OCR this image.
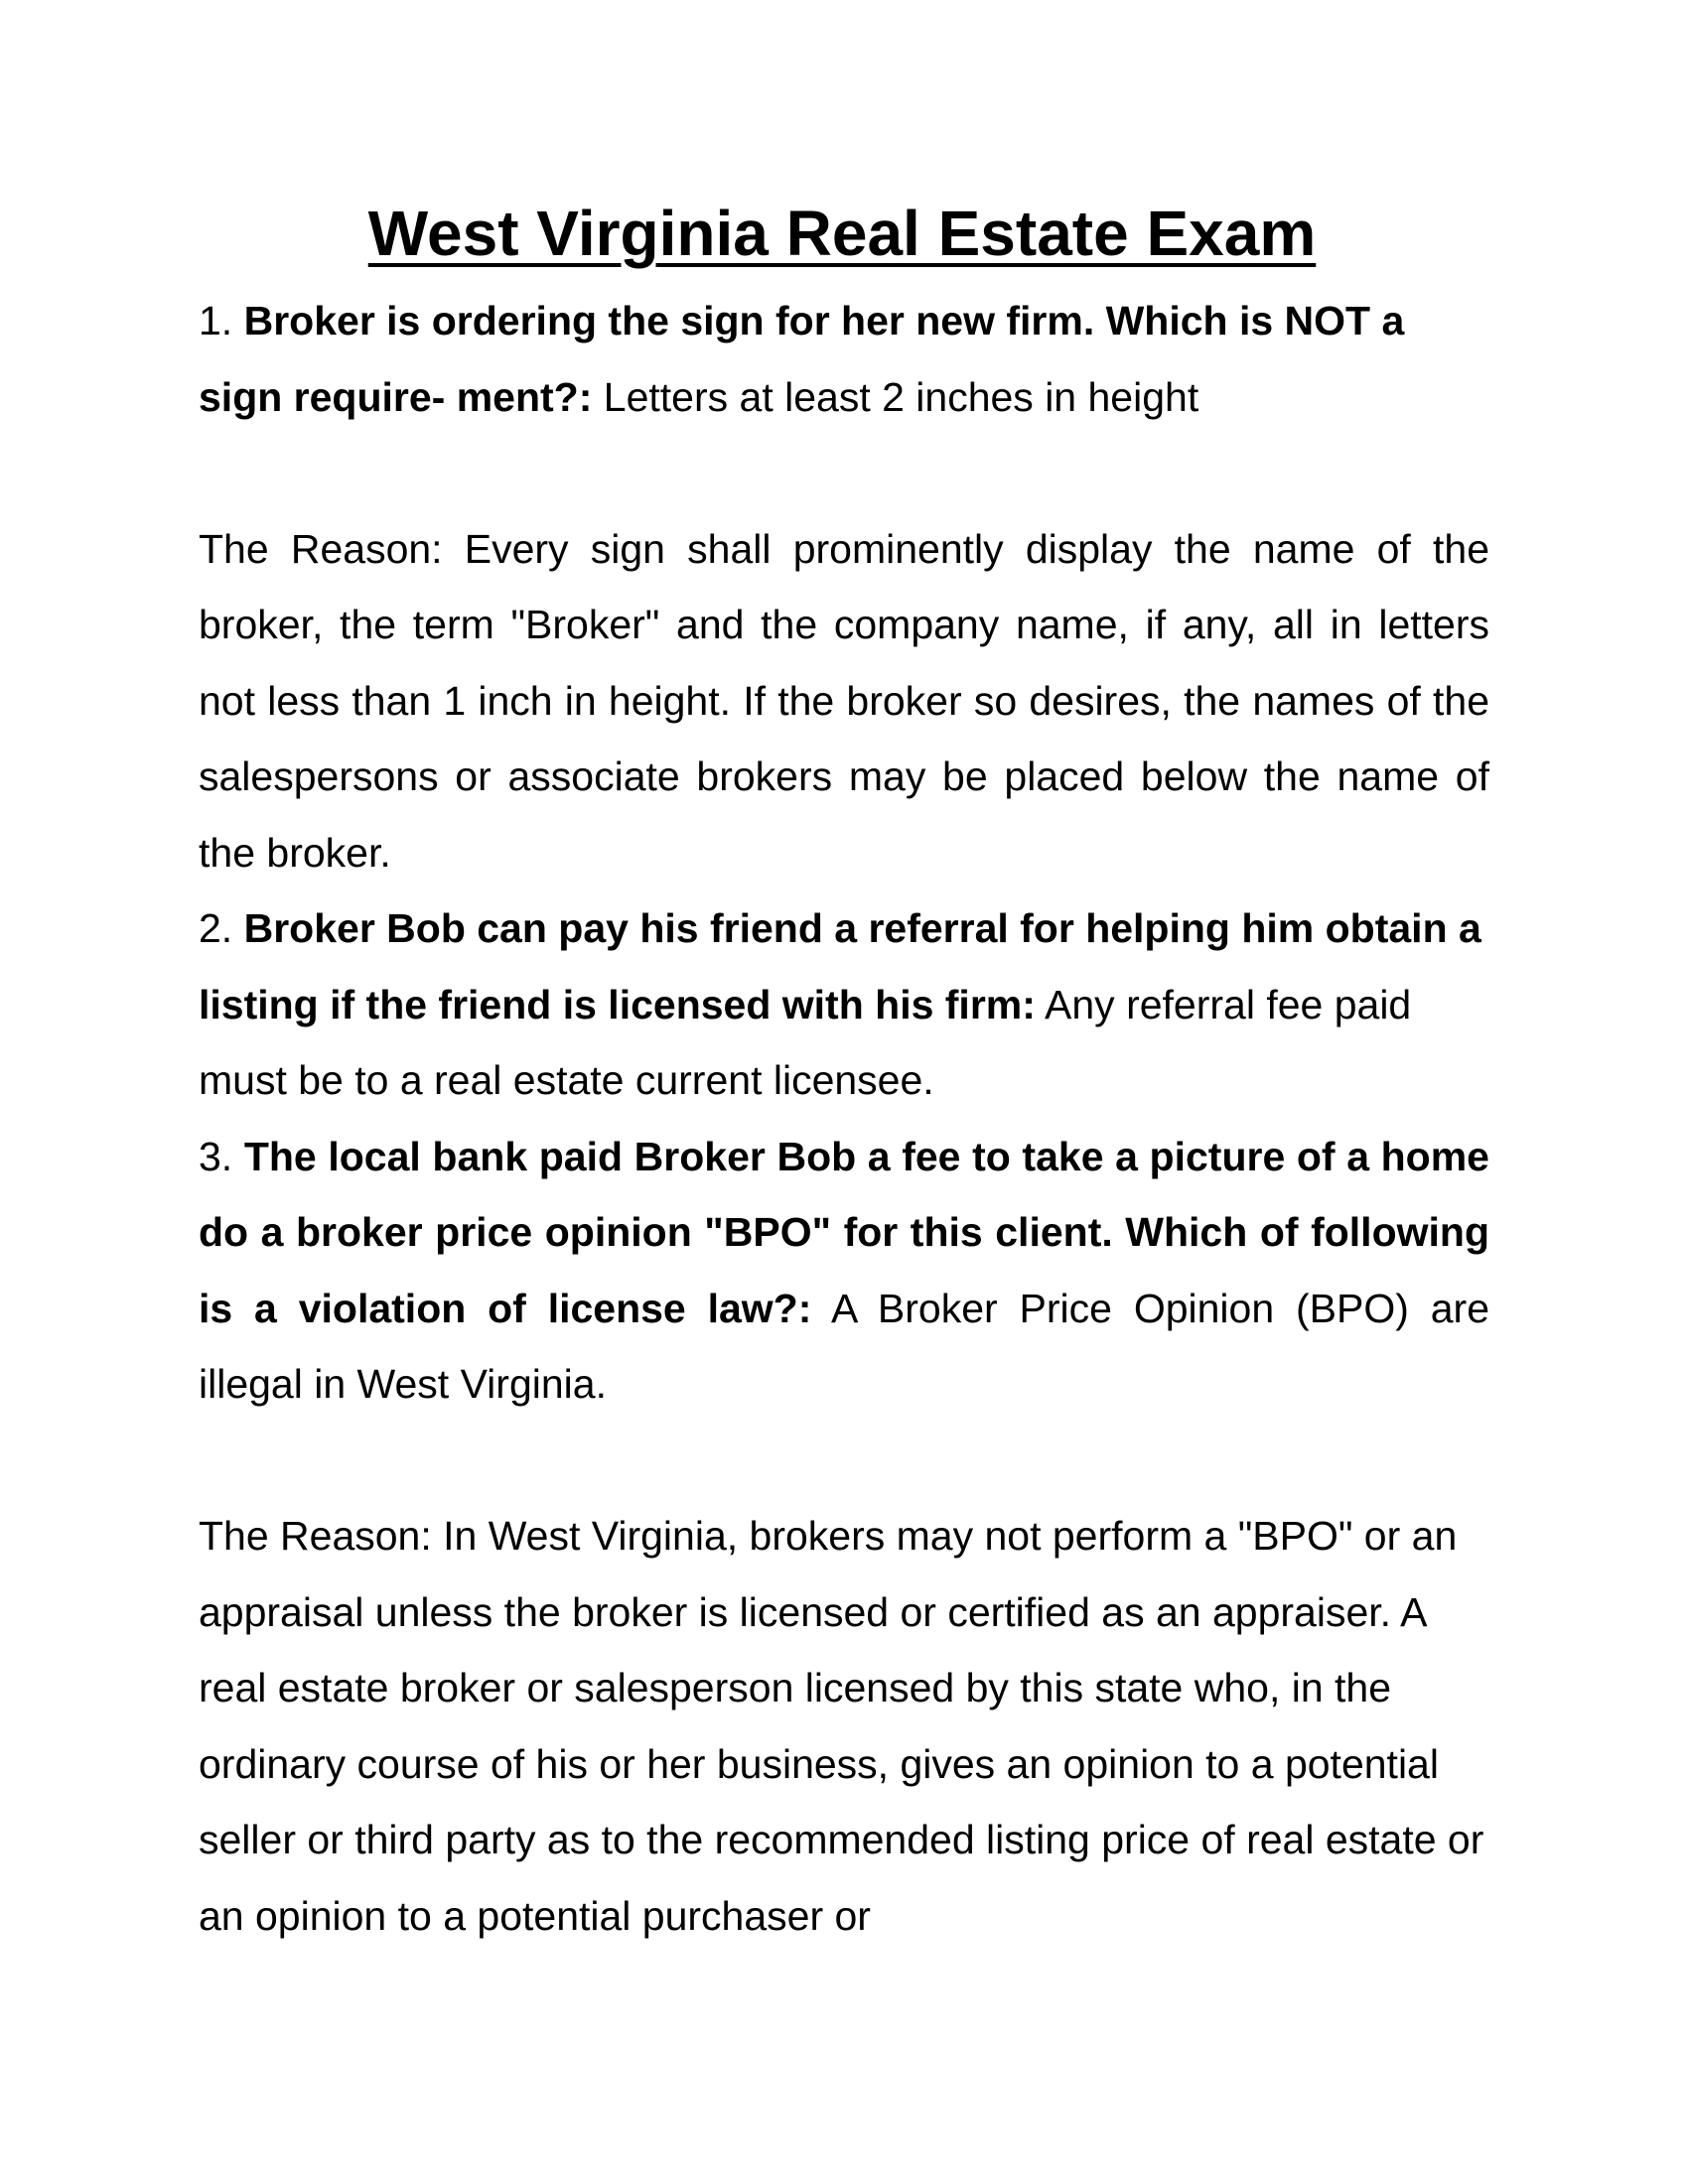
West Virginia Real Estate Exam

1. Broker is ordering the sign for her new firm. Which is NOT a sign require- ment?: Letters at least 2 inches in height

The Reason: Every sign shall prominently display the name of the broker, the term "Broker" and the company name, if any, all in letters not less than 1 inch in height. If the broker so desires, the names of the salespersons or associate brokers may be placed below the name of the broker.

2. Broker Bob can pay his friend a referral for helping him obtain a listing if the friend is licensed with his firm: Any referral fee paid must be to a real estate current licensee.

3. The local bank paid Broker Bob a fee to take a picture of a home do a broker price opinion "BPO" for this client. Which of following is a violation of license law?: A Broker Price Opinion (BPO) are illegal in West Virginia.

The Reason: In West Virginia, brokers may not perform a "BPO" or an appraisal unless the broker is licensed or certified as an appraiser. A real estate broker or salesperson licensed by this state who, in the ordinary course of his or her business, gives an opinion to a potential seller or third party as to the recommended listing price of real estate or an opinion to a potential purchaser or
